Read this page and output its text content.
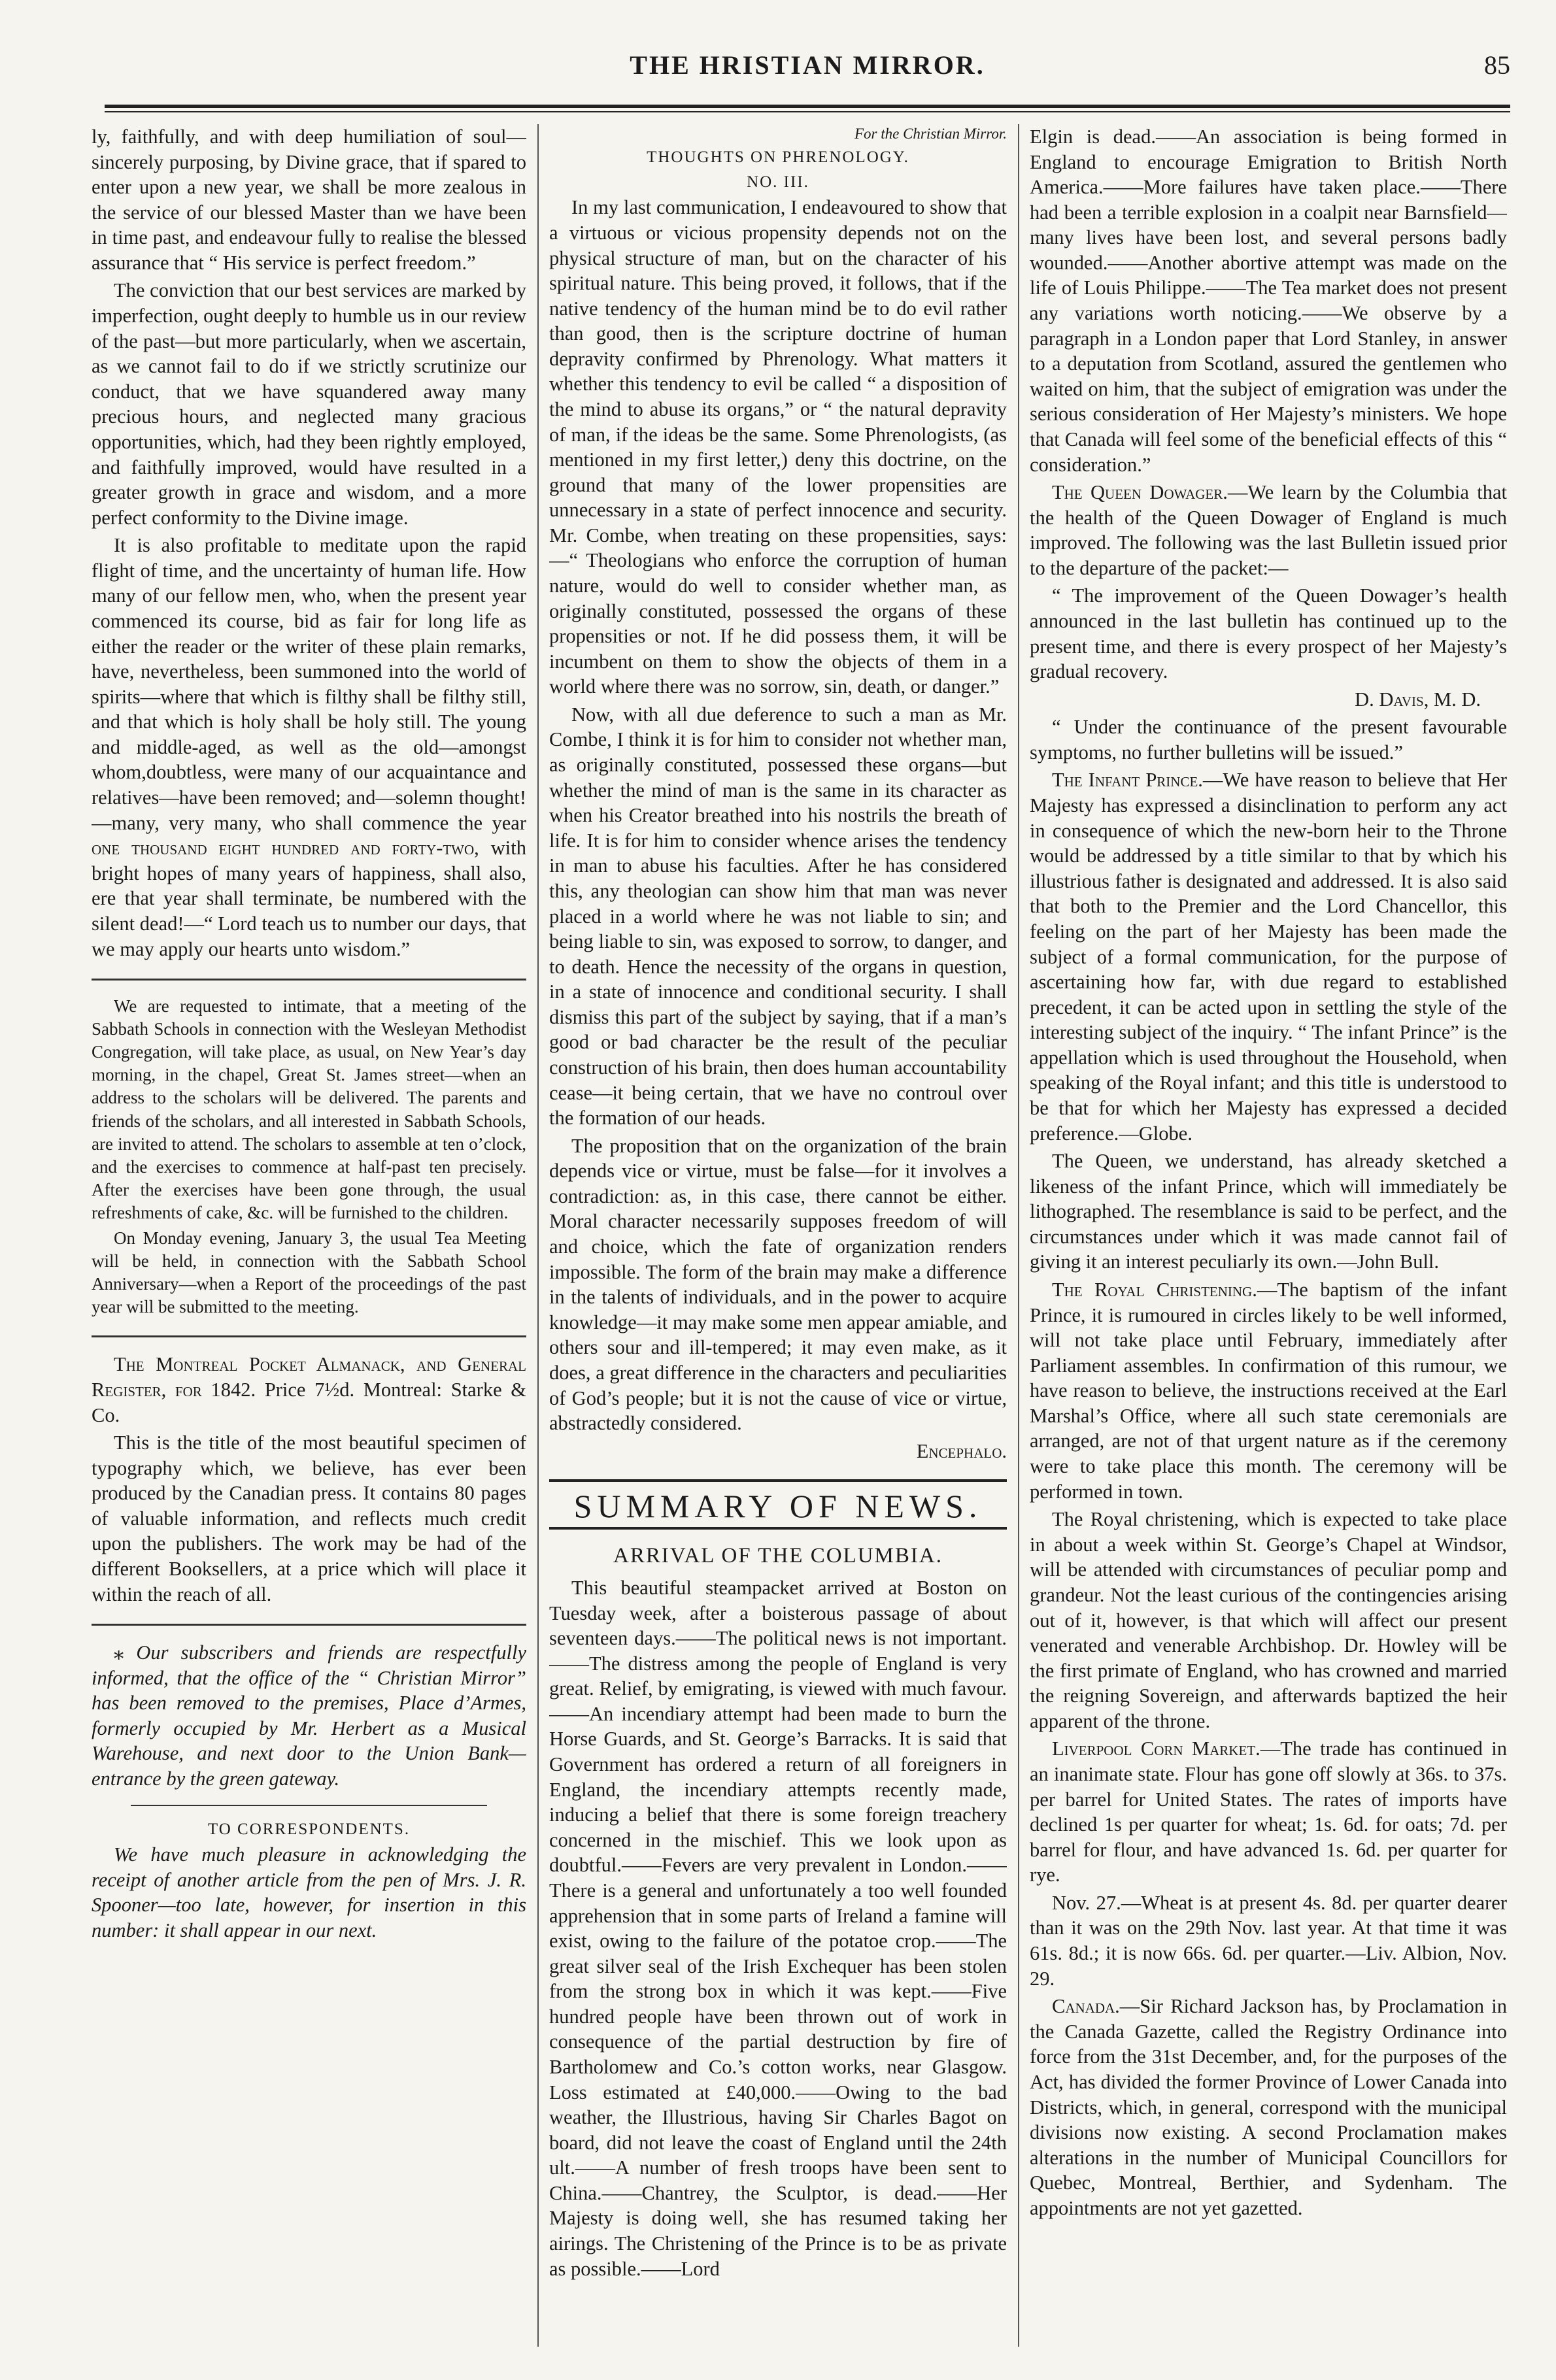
THE HRISTIAN MIRROR.	85

ly, faithfully, and with deep humiliation of soul—sincerely purposing, by Divine grace, that if spared to enter upon a new year, we shall be more zealous in the service of our blessed Master than we have been in time past, and endeavour fully to realise the blessed assurance that “ His service is perfect freedom.”

The conviction that our best services are marked by imperfection, ought deeply to humble us in our review of the past—but more particularly, when we ascertain, as we cannot fail to do if we strictly scrutinize our conduct, that we have squandered away many precious hours, and neglected many gracious opportunities, which, had they been rightly employed, and faithfully improved, would have resulted in a greater growth in grace and wisdom, and a more perfect conformity to the Divine image.

It is also profitable to meditate upon the rapid flight of time, and the uncertainty of human life. How many of our fellow men, who, when the present year commenced its course, bid as fair for long life as either the reader or the writer of these plain remarks, have, nevertheless, been summoned into the world of spirits—where that which is filthy shall be filthy still, and that which is holy shall be holy still. The young and middle-aged, as well as the old—amongst whom,doubtless, were many of our acquaintance and relatives—have been removed; and—solemn thought!—many, very many, who shall commence the year one thousand eight hundred and forty-two, with bright hopes of many years of happiness, shall also, ere that year shall terminate, be numbered with the silent dead!—“ Lord teach us to number our days, that we may apply our hearts unto wisdom.”

We are requested to intimate, that a meeting of the Sabbath Schools in connection with the Wesleyan Methodist Congregation, will take place, as usual, on New Year’s day morning, in the chapel, Great St. James street—when an address to the scholars will be delivered. The parents and friends of the scholars, and all interested in Sabbath Schools, are invited to attend. The scholars to assemble at ten o’clock, and the exercises to commence at half-past ten precisely. After the exercises have been gone through, the usual refreshments of cake, &c. will be furnished to the children.

On Monday evening, January 3, the usual Tea Meeting will be held, in connection with the Sabbath School Anniversary—when a Report of the proceedings of the past year will be submitted to the meeting.

The Montreal Pocket Almanack, and General Register, for 1842. Price 7½d. Montreal: Starke & Co.

This is the title of the most beautiful specimen of typography which, we believe, has ever been produced by the Canadian press. It contains 80 pages of valuable information, and reflects much credit upon the publishers. The work may be had of the different Booksellers, at a price which will place it within the reach of all.

⁎ Our subscribers and friends are respectfully informed, that the office of the “ Christian Mirror” has been removed to the premises, Place d’Armes, formerly occupied by Mr. Herbert as a Musical Warehouse, and next door to the Union Bank—entrance by the green gateway.

TO CORRESPONDENTS.

We have much pleasure in acknowledging the receipt of another article from the pen of Mrs. J. R. Spooner—too late, however, for insertion in this number: it shall appear in our next.

For the Christian Mirror.

THOUGHTS ON PHRENOLOGY.

NO. III.

In my last communication, I endeavoured to show that a virtuous or vicious propensity depends not on the physical structure of man, but on the character of his spiritual nature. This being proved, it follows, that if the native tendency of the human mind be to do evil rather than good, then is the scripture doctrine of human depravity confirmed by Phrenology. What matters it whether this tendency to evil be called “ a disposition of the mind to abuse its organs,” or “ the natural depravity of man, if the ideas be the same. Some Phrenologists, (as mentioned in my first letter,) deny this doctrine, on the ground that many of the lower propensities are unnecessary in a state of perfect innocence and security. Mr. Combe, when treating on these propensities, says:—“ Theologians who enforce the corruption of human nature, would do well to consider whether man, as originally constituted, possessed the organs of these propensities or not. If he did possess them, it will be incumbent on them to show the objects of them in a world where there was no sorrow, sin, death, or danger.”

Now, with all due deference to such a man as Mr. Combe, I think it is for him to consider not whether man, as originally constituted, possessed these organs—but whether the mind of man is the same in its character as when his Creator breathed into his nostrils the breath of life. It is for him to consider whence arises the tendency in man to abuse his faculties. After he has considered this, any theologian can show him that man was never placed in a world where he was not liable to sin; and being liable to sin, was exposed to sorrow, to danger, and to death. Hence the necessity of the organs in question, in a state of innocence and conditional security. I shall dismiss this part of the subject by saying, that if a man’s good or bad character be the result of the peculiar construction of his brain, then does human accountability cease—it being certain, that we have no controul over the formation of our heads.

The proposition that on the organization of the brain depends vice or virtue, must be false—for it involves a contradiction: as, in this case, there cannot be either. Moral character necessarily supposes freedom of will and choice, which the fate of organization renders impossible. The form of the brain may make a difference in the talents of individuals, and in the power to acquire knowledge—it may make some men appear amiable, and others sour and ill-tempered; it may even make, as it does, a great difference in the characters and peculiarities of God’s people; but it is not the cause of vice or virtue, abstractedly considered.

Encephalo.

SUMMARY OF NEWS.

ARRIVAL OF THE COLUMBIA.

This beautiful steampacket arrived at Boston on Tuesday week, after a boisterous passage of about seventeen days.——The political news is not important.——The distress among the people of England is very great. Relief, by emigrating, is viewed with much favour.——An incendiary attempt had been made to burn the Horse Guards, and St. George’s Barracks. It is said that Government has ordered a return of all foreigners in England, the incendiary attempts recently made, inducing a belief that there is some foreign treachery concerned in the mischief. This we look upon as doubtful.——Fevers are very prevalent in London.——There is a general and unfortunately a too well founded apprehension that in some parts of Ireland a famine will exist, owing to the failure of the potatoe crop.——The great silver seal of the Irish Exchequer has been stolen from the strong box in which it was kept.——Five hundred people have been thrown out of work in consequence of the partial destruction by fire of Bartholomew and Co.’s cotton works, near Glasgow. Loss estimated at £40,000.——Owing to the bad weather, the Illustrious, having Sir Charles Bagot on board, did not leave the coast of England until the 24th ult.——A number of fresh troops have been sent to China.——Chantrey, the Sculptor, is dead.——Her Majesty is doing well, she has resumed taking her airings. The Christening of the Prince is to be as private as possible.——Lord

Elgin is dead.——An association is being formed in England to encourage Emigration to British North America.——More failures have taken place.——There had been a terrible explosion in a coalpit near Barnsfield—many lives have been lost, and several persons badly wounded.——Another abortive attempt was made on the life of Louis Philippe.——The Tea market does not present any variations worth noticing.——We observe by a paragraph in a London paper that Lord Stanley, in answer to a deputation from Scotland, assured the gentlemen who waited on him, that the subject of emigration was under the serious consideration of Her Majesty’s ministers. We hope that Canada will feel some of the beneficial effects of this “ consideration.”

The Queen Dowager.—We learn by the Columbia that the health of the Queen Dowager of England is much improved. The following was the last Bulletin issued prior to the departure of the packet:—

“ The improvement of the Queen Dowager’s health announced in the last bulletin has continued up to the present time, and there is every prospect of her Majesty’s gradual recovery.

D. Davis, M. D.

“ Under the continuance of the present favourable symptoms, no further bulletins will be issued.”

The Infant Prince.—We have reason to believe that Her Majesty has expressed a disinclination to perform any act in consequence of which the new-born heir to the Throne would be addressed by a title similar to that by which his illustrious father is designated and addressed. It is also said that both to the Premier and the Lord Chancellor, this feeling on the part of her Majesty has been made the subject of a formal communication, for the purpose of ascertaining how far, with due regard to established precedent, it can be acted upon in settling the style of the interesting subject of the inquiry. “ The infant Prince” is the appellation which is used throughout the Household, when speaking of the Royal infant; and this title is understood to be that for which her Majesty has expressed a decided preference.—Globe.

The Queen, we understand, has already sketched a likeness of the infant Prince, which will immediately be lithographed. The resemblance is said to be perfect, and the circumstances under which it was made cannot fail of giving it an interest peculiarly its own.—John Bull.

The Royal Christening.—The baptism of the infant Prince, it is rumoured in circles likely to be well informed, will not take place until February, immediately after Parliament assembles. In confirmation of this rumour, we have reason to believe, the instructions received at the Earl Marshal’s Office, where all such state ceremonials are arranged, are not of that urgent nature as if the ceremony were to take place this month. The ceremony will be performed in town.

The Royal christening, which is expected to take place in about a week within St. George’s Chapel at Windsor, will be attended with circumstances of peculiar pomp and grandeur. Not the least curious of the contingencies arising out of it, however, is that which will affect our present venerated and venerable Archbishop. Dr. Howley will be the first primate of England, who has crowned and married the reigning Sovereign, and afterwards baptized the heir apparent of the throne.

Liverpool Corn Market.—The trade has continued in an inanimate state. Flour has gone off slowly at 36s. to 37s. per barrel for United States. The rates of imports have declined 1s per quarter for wheat; 1s. 6d. for oats; 7d. per barrel for flour, and have advanced 1s. 6d. per quarter for rye.

Nov. 27.—Wheat is at present 4s. 8d. per quarter dearer than it was on the 29th Nov. last year. At that time it was 61s. 8d.; it is now 66s. 6d. per quarter.—Liv. Albion, Nov. 29.

Canada.—Sir Richard Jackson has, by Proclamation in the Canada Gazette, called the Registry Ordinance into force from the 31st December, and, for the purposes of the Act, has divided the former Province of Lower Canada into Districts, which, in general, correspond with the municipal divisions now existing. A second Proclamation makes alterations in the number of Municipal Councillors for Quebec, Montreal, Berthier, and Sydenham. The appointments are not yet gazetted.
